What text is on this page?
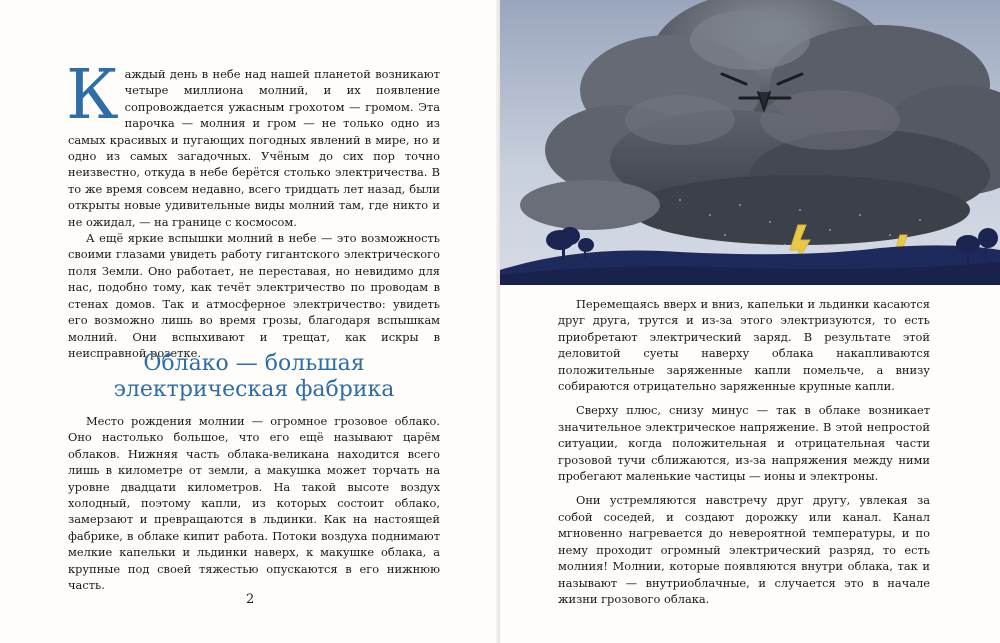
Каждый день в небе над нашей планетой возникают четыре миллиона молний, и их появление сопровождается ужасным грохотом — громом. Эта парочка — молния и гром — не только одно из самых красивых и пугающих погодных явлений в мире, но и одно из самых загадочных. Учёным до сих пор точно неизвестно, откуда в небе берётся столько электричества. В то же время совсем недавно, всего тридцать лет назад, были открыты новые удивительные виды молний там, где никто и не ожидал, — на границе с космосом.

А ещё яркие вспышки молний в небе — это возможность своими глазами увидеть работу гигантского электрического поля Земли. Оно работает, не переставая, но невидимо для нас, подобно тому, как течёт электричество по проводам в стенах домов. Так и атмосферное электричество: увидеть его возможно лишь во время грозы, благодаря вспышкам молний. Они вспыхивают и трещат, как искры в неисправной розетке.

Облако — большая
электрическая фабрика

Место рождения молнии — огромное грозовое облако. Оно настолько большое, что его ещё называют царём облаков. Нижняя часть облака-великана находится всего лишь в километре от земли, а макушка может торчать на уровне двадцати километров. На такой высоте воздух холодный, поэтому капли, из которых состоит облако, замерзают и превращаются в льдинки. Как на настоящей фабрике, в облаке кипит работа. Потоки воздуха поднимают мелкие капельки и льдинки наверх, к макушке облака, а крупные под своей тяжестью опускаются в его нижнюю часть.

2

Перемещаясь вверх и вниз, капельки и льдинки касаются друг друга, трутся и из-за этого электризуются, то есть приобретают электрический заряд. В результате этой деловитой суеты наверху облака накапливаются положительные заряженные капли помельче, а внизу собираются отрицательно заряженные крупные капли.

Сверху плюс, снизу минус — так в облаке возникает значительное электрическое напряжение. В этой непростой ситуации, когда положительная и отрицательная части грозовой тучи сближаются, из-за напряжения между ними пробегают маленькие частицы — ионы и электроны.

Они устремляются навстречу друг другу, увлекая за собой соседей, и создают дорожку или канал. Канал мгновенно нагревается до невероятной температуры, и по нему проходит огромный электрический разряд, то есть молния! Молнии, которые появляются внутри облака, так и называют — внутриоблачные, и случается это в начале жизни грозового облака.
